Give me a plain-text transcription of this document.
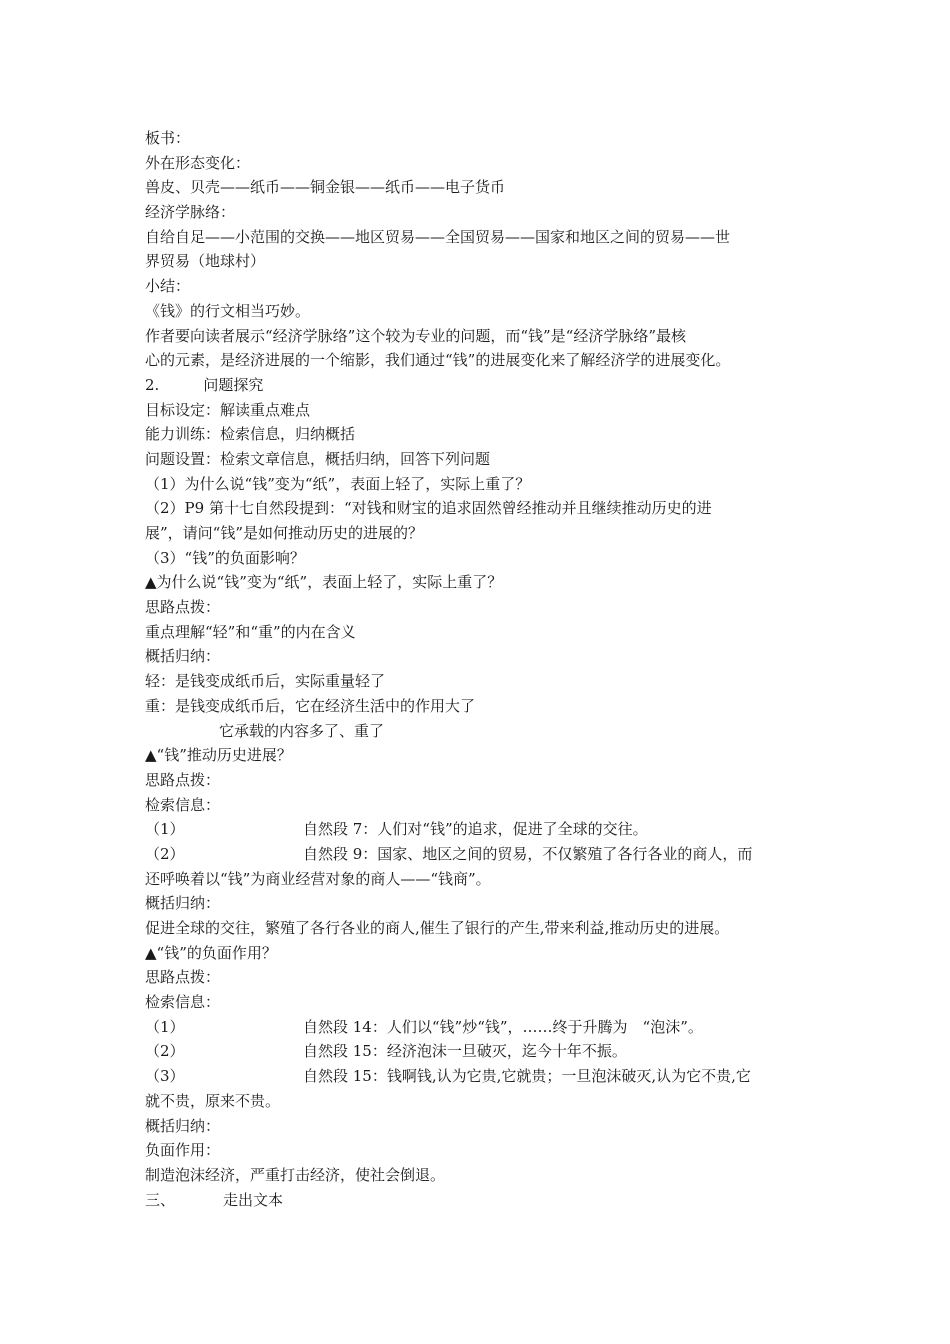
板书：
外在形态变化：
兽皮、贝壳——纸币——铜金银——纸币——电子货币
经济学脉络：
自给自足——小范围的交换——地区贸易——全国贸易——国家和地区之间的贸易——世
界贸易（地球村）
小结：
《钱》的行文相当巧妙。
作者要向读者展示“经济学脉络”这个较为专业的问题，而“钱”是“经济学脉络”最核
心的元素，是经济进展的一个缩影，我们通过“钱”的进展变化来了解经济学的进展变化。
2.	问题探究
目标设定：解读重点难点
能力训练：检索信息，归纳概括
问题设置：检索文章信息，概括归纳，回答下列问题
（1）为什么说“钱”变为“纸”，表面上轻了，实际上重了？
（2）P9 第十七自然段提到：“对钱和财宝的追求固然曾经推动并且继续推动历史的进
展”，请问“钱”是如何推动历史的进展的？
（3）“钱”的负面影响？
▲为什么说“钱”变为“纸”，表面上轻了，实际上重了？
思路点拨：
重点理解“轻”和“重”的内在含义
概括归纳：
轻：是钱变成纸币后，实际重量轻了
重：是钱变成纸币后，它在经济生活中的作用大了
它承载的内容多了、重了
▲“钱”推动历史进展？
思路点拨：
检索信息：
（1）	自然段 7：人们对“钱”的追求，促进了全球的交往。
（2）	自然段 9：国家、地区之间的贸易，不仅繁殖了各行各业的商人，而
还呼唤着以“钱”为商业经营对象的商人——“钱商”。
概括归纳：
促进全球的交往，繁殖了各行各业的商人,催生了银行的产生,带来利益,推动历史的进展。
▲“钱”的负面作用？
思路点拨：
检索信息：
（1）	自然段 14：人们以“钱”炒“钱”，……终于升腾为　“泡沫”。
（2）	自然段 15：经济泡沫一旦破灭，迄今十年不振。
（3）	自然段 15：钱啊钱,认为它贵,它就贵；一旦泡沫破灭,认为它不贵,它
就不贵，原来不贵。
概括归纳：
负面作用：
制造泡沫经济，严重打击经济，使社会倒退。
三、	走出文本
